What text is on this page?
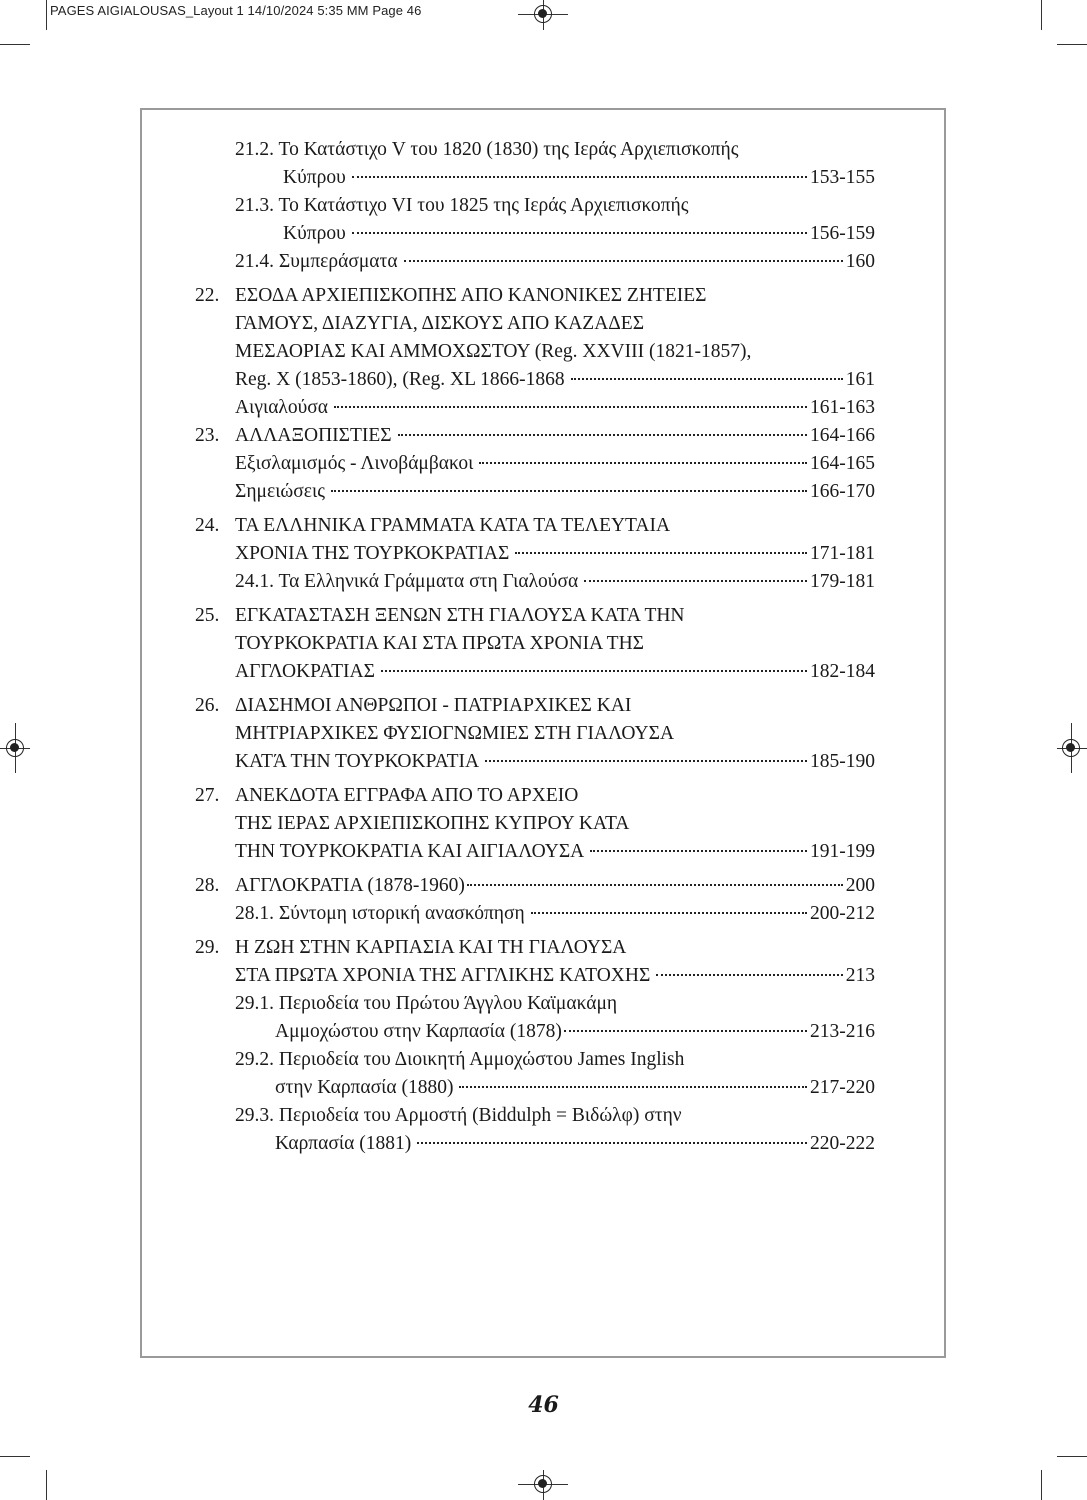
PAGES AIGIALOUSAS_Layout 1 14/10/2024 5:35 ΜΜ Page 46
21.2. Το Κατάστιχο V του 1820 (1830) της Ιεράς Αρχιεπισκοπής
Κύπρου	153-155
21.3. Το Κατάστιχο VI του 1825 της Ιεράς Αρχιεπισκοπής
Κύπρου	156-159
21.4. Συμπεράσματα	160
22. ΕΣΟΔΑ ΑΡΧΙΕΠΙΣΚΟΠΗΣ ΑΠΟ ΚΑΝΟΝΙΚΕΣ ΖΗΤΕΙΕΣ
ΓΑΜΟΥΣ, ΔΙΑΖΥΓΙΑ, ΔΙΣΚΟΥΣ ΑΠΟ ΚΑΖΑΔΕΣ
ΜΕΣΑΟΡΙΑΣ ΚΑΙ ΑΜΜΟΧΩΣΤΟΥ (Reg. XXVIII (1821-1857),
Reg. X (1853-1860), (Reg. XL 1866-1868	161
Αιγιαλούσα	161-163
23. ΑΛΛΑΞΟΠΙΣΤΙΕΣ	164-166
Εξισλαμισμός - Λινοβάμβακοι	164-165
Σημειώσεις	166-170
24. ΤΑ ΕΛΛΗΝΙΚΑ ΓΡΑΜΜΑΤΑ ΚΑΤΑ ΤΑ ΤΕΛΕΥΤΑΙΑ
ΧΡΟΝΙΑ ΤΗΣ ΤΟΥΡΚΟΚΡΑΤΙΑΣ	171-181
24.1. Τα Ελληνικά Γράμματα στη Γιαλούσα	179-181
25. ΕΓΚΑΤΑΣΤΑΣΗ ΞΕΝΩΝ ΣΤΗ ΓΙΑΛΟΥΣΑ ΚΑΤΑ ΤΗΝ
ΤΟΥΡΚΟΚΡΑΤΙΑ ΚΑΙ ΣΤΑ ΠΡΩΤΑ ΧΡΟΝΙΑ ΤΗΣ
ΑΓΓΛΟΚΡΑΤΙΑΣ	182-184
26. ΔΙΑΣΗΜΟΙ ΑΝΘΡΩΠΟΙ - ΠΑΤΡΙΑΡΧΙΚΕΣ ΚΑΙ
ΜΗΤΡΙΑΡΧΙΚΕΣ ΦΥΣΙΟΓΝΩΜΙΕΣ ΣΤΗ ΓΙΑΛΟΥΣΑ
ΚΑΤΆ ΤΗΝ ΤΟΥΡΚΟΚΡΑΤΙΑ	185-190
27. ΑΝΕΚΔΟΤΑ ΕΓΓΡΑΦΑ ΑΠΟ ΤΟ ΑΡΧΕΙΟ
ΤΗΣ ΙΕΡΑΣ ΑΡΧΙΕΠΙΣΚΟΠΗΣ ΚΥΠΡΟΥ ΚΑΤΑ
ΤΗΝ ΤΟΥΡΚΟΚΡΑΤΙΑ ΚΑΙ ΑΙΓΙΑΛΟΥΣΑ	191-199
28. ΑΓΓΛΟΚΡΑΤΙΑ (1878-1960)	200
28.1. Σύντομη ιστορική ανασκόπηση	200-212
29. Η ΖΩΗ ΣΤΗΝ ΚΑΡΠΑΣΙΑ ΚΑΙ ΤΗ ΓΙΑΛΟΥΣΑ
ΣΤΑ ΠΡΩΤΑ ΧΡΟΝΙΑ ΤΗΣ ΑΓΓΛΙΚΗΣ ΚΑΤΟΧΗΣ	213
29.1. Περιοδεία του Πρώτου Άγγλου Καϊμακάμη
Αμμοχώστου στην Καρπασία (1878)	213-216
29.2. Περιοδεία του Διοικητή Αμμοχώστου James Inglish
στην Καρπασία (1880)	217-220
29.3. Περιοδεία του Αρμοστή (Biddulph = Βιδώλφ) στην
Καρπασία (1881)	220-222
46
